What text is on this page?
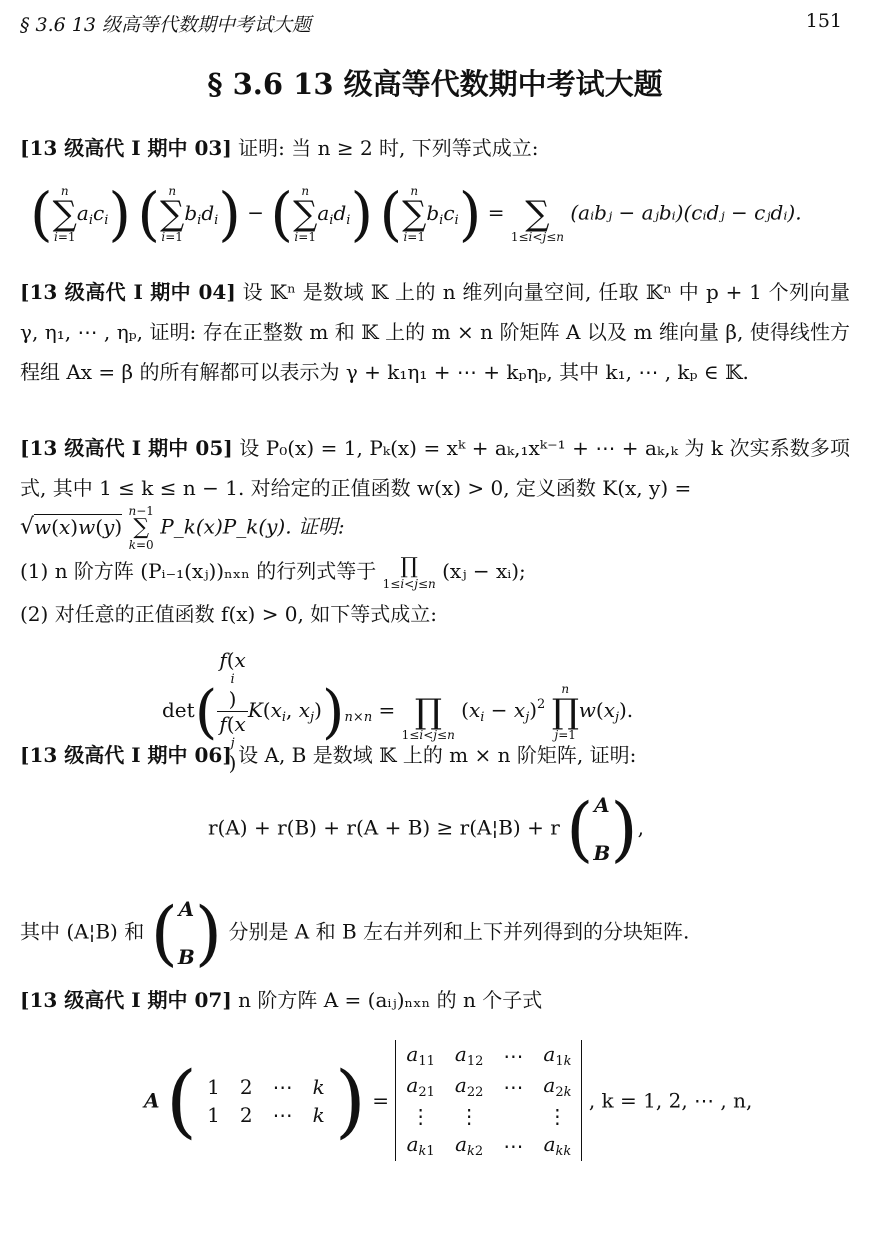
§ 3.6 13 级高等代数期中考试大题	151
§ 3.6 13 级高等代数期中考试大题
[13 级高代 I 期中 03] 证明: 当 n ≥ 2 时, 下列等式成立:
( n
∑
i=1
$a_ic_i$) ( n
∑
i=1
$b_id_i$) − ( n
∑
i=1
$a_id_i$) ( n
∑
i=1
$b_ic_i$) =
∑
1≤i<j≤n
(aᵢbⱼ − aⱼbᵢ)(cᵢdⱼ − cⱼdᵢ).
[13 级高代 I 期中 04] 设 𝕂ⁿ 是数域 𝕂 上的 n 维列向量空间, 任取 𝕂ⁿ 中 p + 1 个列向量 γ, η₁, ⋯ , ηₚ, 证明: 存在正整数 m 和 𝕂 上的 m × n 阶矩阵 A 以及 m 维向量 β, 使得线性方程组 Ax = β 的所有解都可以表示为 γ + k₁η₁ + ⋯ + kₚηₚ, 其中 k₁, ⋯ , kₚ ∈ 𝕂.
[13 级高代 I 期中 05] 设 P₀(x) = 1, Pₖ(x) = xᵏ + aₖ,₁xᵏ⁻¹ + ⋯ + aₖ,ₖ 为 k 次实系数多项式, 其中 1 ≤ k ≤ n − 1. 对给定的正值函数 w(x) > 0, 定义函数 K(x, y) =
√w(x)w(y)
n−1
∑
k=0
P_k(x)P_k(y). 证明:
(1) n 阶方阵 (Pᵢ₋₁(xⱼ))ₙₓₙ 的行列式等于	∏
1≤i<j≤n
(xⱼ − xᵢ);
(2) 对任意的正值函数 f(x) > 0, 如下等式成立:
det( f(x
i
)
f(x
j
) $K(x_i$, $x_j))_{n\times n}$ =
∏
1≤i<j≤n
$(x_i - x_j)^2$
n
∏
j=1
$w(x_j)$.
[13 级高代 I 期中 06] 设 A, B 是数域 𝕂 上的 m × n 阶矩阵, 证明:
r(A) + r(B) + r(A + B) ≥ r(A¦B) + r (A

B),
其中 (A¦B) 和 (A

B) 分别是 A 和 B 左右并列和上下并列得到的分块矩阵.
[13 级高代 I 期中 07] n 阶方阵 A = (aᵢⱼ)ₙₓₙ 的 n 个子式
A ( 1	2	⋯	k
1	2	⋯	k ) = $a_{11}$	$a_{12}$	⋯	$a_{1k}$
$a_{21}$	$a_{22}$	⋯	$a_{2k}$
⋮	⋮		⋮
$a_{k1}$	$a_{k2}$	⋯	$a_{kk}$ , k = 1, 2, ⋯ , n,
